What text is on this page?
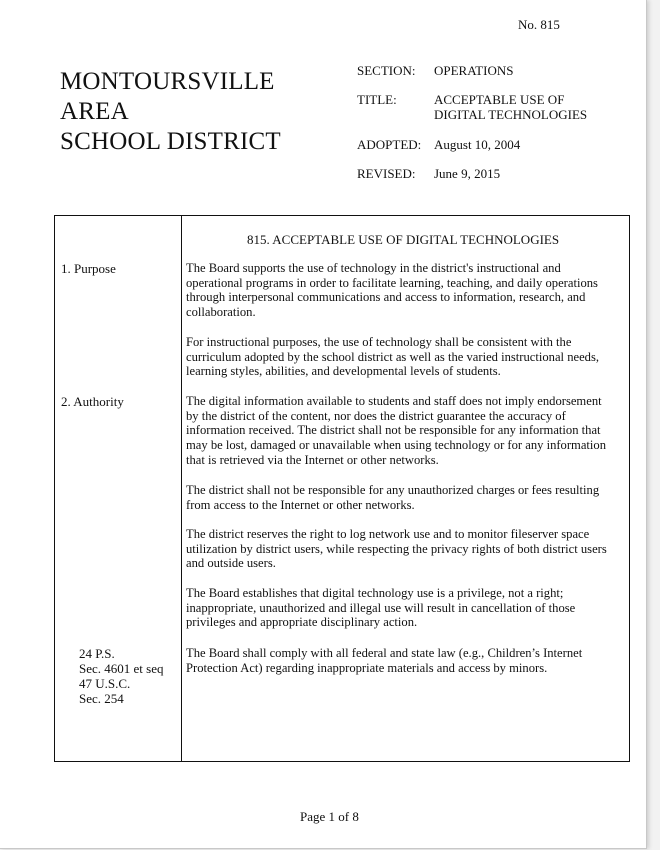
No. 815
MONTOURSVILLE
AREA
SCHOOL DISTRICT
SECTION: OPERATIONS
TITLE:	ACCEPTABLE USE OF
DIGITAL TECHNOLOGIES
ADOPTED: August 10, 2004
REVISED: June 9, 2015
815. ACCEPTABLE USE OF DIGITAL TECHNOLOGIES
1. Purpose
2. Authority
24 P.S.
Sec. 4601 et seq
47 U.S.C.
Sec. 254
The Board supports the use of technology in the district's instructional and
operational programs in order to facilitate learning, teaching, and daily operations
through interpersonal communications and access to information, research, and
collaboration.
For instructional purposes, the use of technology shall be consistent with the
curriculum adopted by the school district as well as the varied instructional needs,
learning styles, abilities, and developmental levels of students.
The digital information available to students and staff does not imply endorsement
by the district of the content, nor does the district guarantee the accuracy of
information received. The district shall not be responsible for any information that
may be lost, damaged or unavailable when using technology or for any information
that is retrieved via the Internet or other networks.
The district shall not be responsible for any unauthorized charges or fees resulting
from access to the Internet or other networks.
The district reserves the right to log network use and to monitor fileserver space
utilization by district users, while respecting the privacy rights of both district users
and outside users.
The Board establishes that digital technology use is a privilege, not a right;
inappropriate, unauthorized and illegal use will result in cancellation of those
privileges and appropriate disciplinary action.
The Board shall comply with all federal and state law (e.g., Children’s Internet
Protection Act) regarding inappropriate materials and access by minors.
Page 1 of 8
